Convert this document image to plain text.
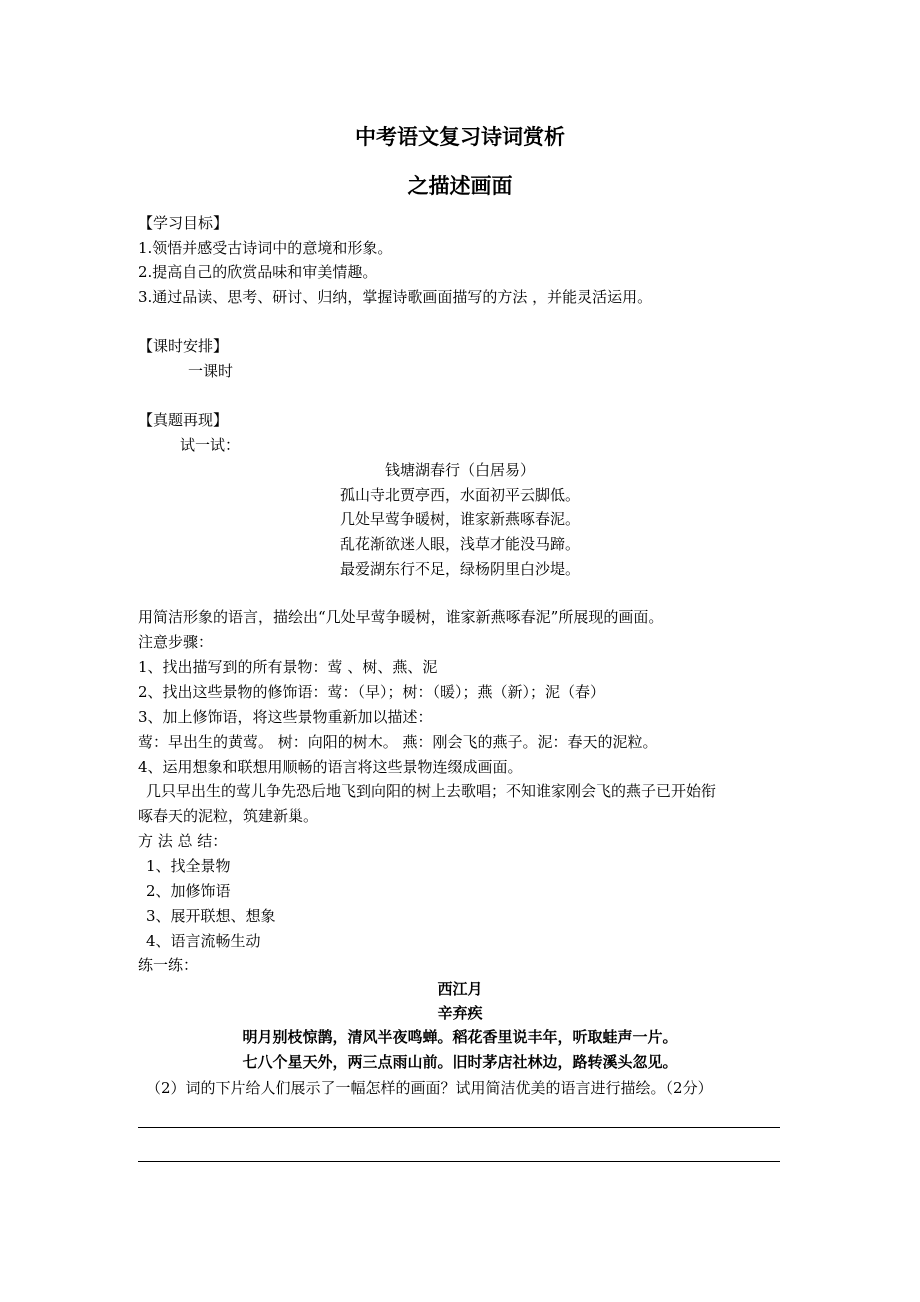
中考语文复习诗词赏析
之描述画面
【学习目标】
1.领悟并感受古诗词中的意境和形象。
2.提高自己的欣赏品味和审美情趣。
3.通过品读、思考、研讨、归纳，掌握诗歌画面描写的方法 ，并能灵活运用。
【课时安排】
一课时
【真题再现】
试一试：
钱塘湖春行（白居易）
孤山寺北贾亭西，水面初平云脚低。
几处早莺争暖树，谁家新燕啄春泥。
乱花渐欲迷人眼，浅草才能没马蹄。
最爱湖东行不足，绿杨阴里白沙堤。
用简洁形象的语言，描绘出“几处早莺争暖树，谁家新燕啄春泥”所展现的画面。
注意步骤：
1、找出描写到的所有景物：莺 、树、燕、泥
2、找出这些景物的修饰语：莺：（早）；树：（暖）；燕（新）；泥（春）
3、加上修饰语，将这些景物重新加以描述：
莺：早出生的黄莺。 树：向阳的树木。 燕：刚会飞的燕子。泥：春天的泥粒。
4、运用想象和联想用顺畅的语言将这些景物连缀成画面。
几只早出生的莺儿争先恐后地飞到向阳的树上去歌唱；不知谁家刚会飞的燕子已开始衔
啄春天的泥粒，筑建新巢。
方 法 总 结：
1、找全景物
2、加修饰语
3、展开联想、想象
4、语言流畅生动
练一练：
西江月
辛弃疾
明月别枝惊鹊，清风半夜鸣蝉。稻花香里说丰年，听取蛙声一片。
七八个星天外，两三点雨山前。旧时茅店社林边，路转溪头忽见。
（2）词的下片给人们展示了一幅怎样的画面？试用简洁优美的语言进行描绘。（2分）
